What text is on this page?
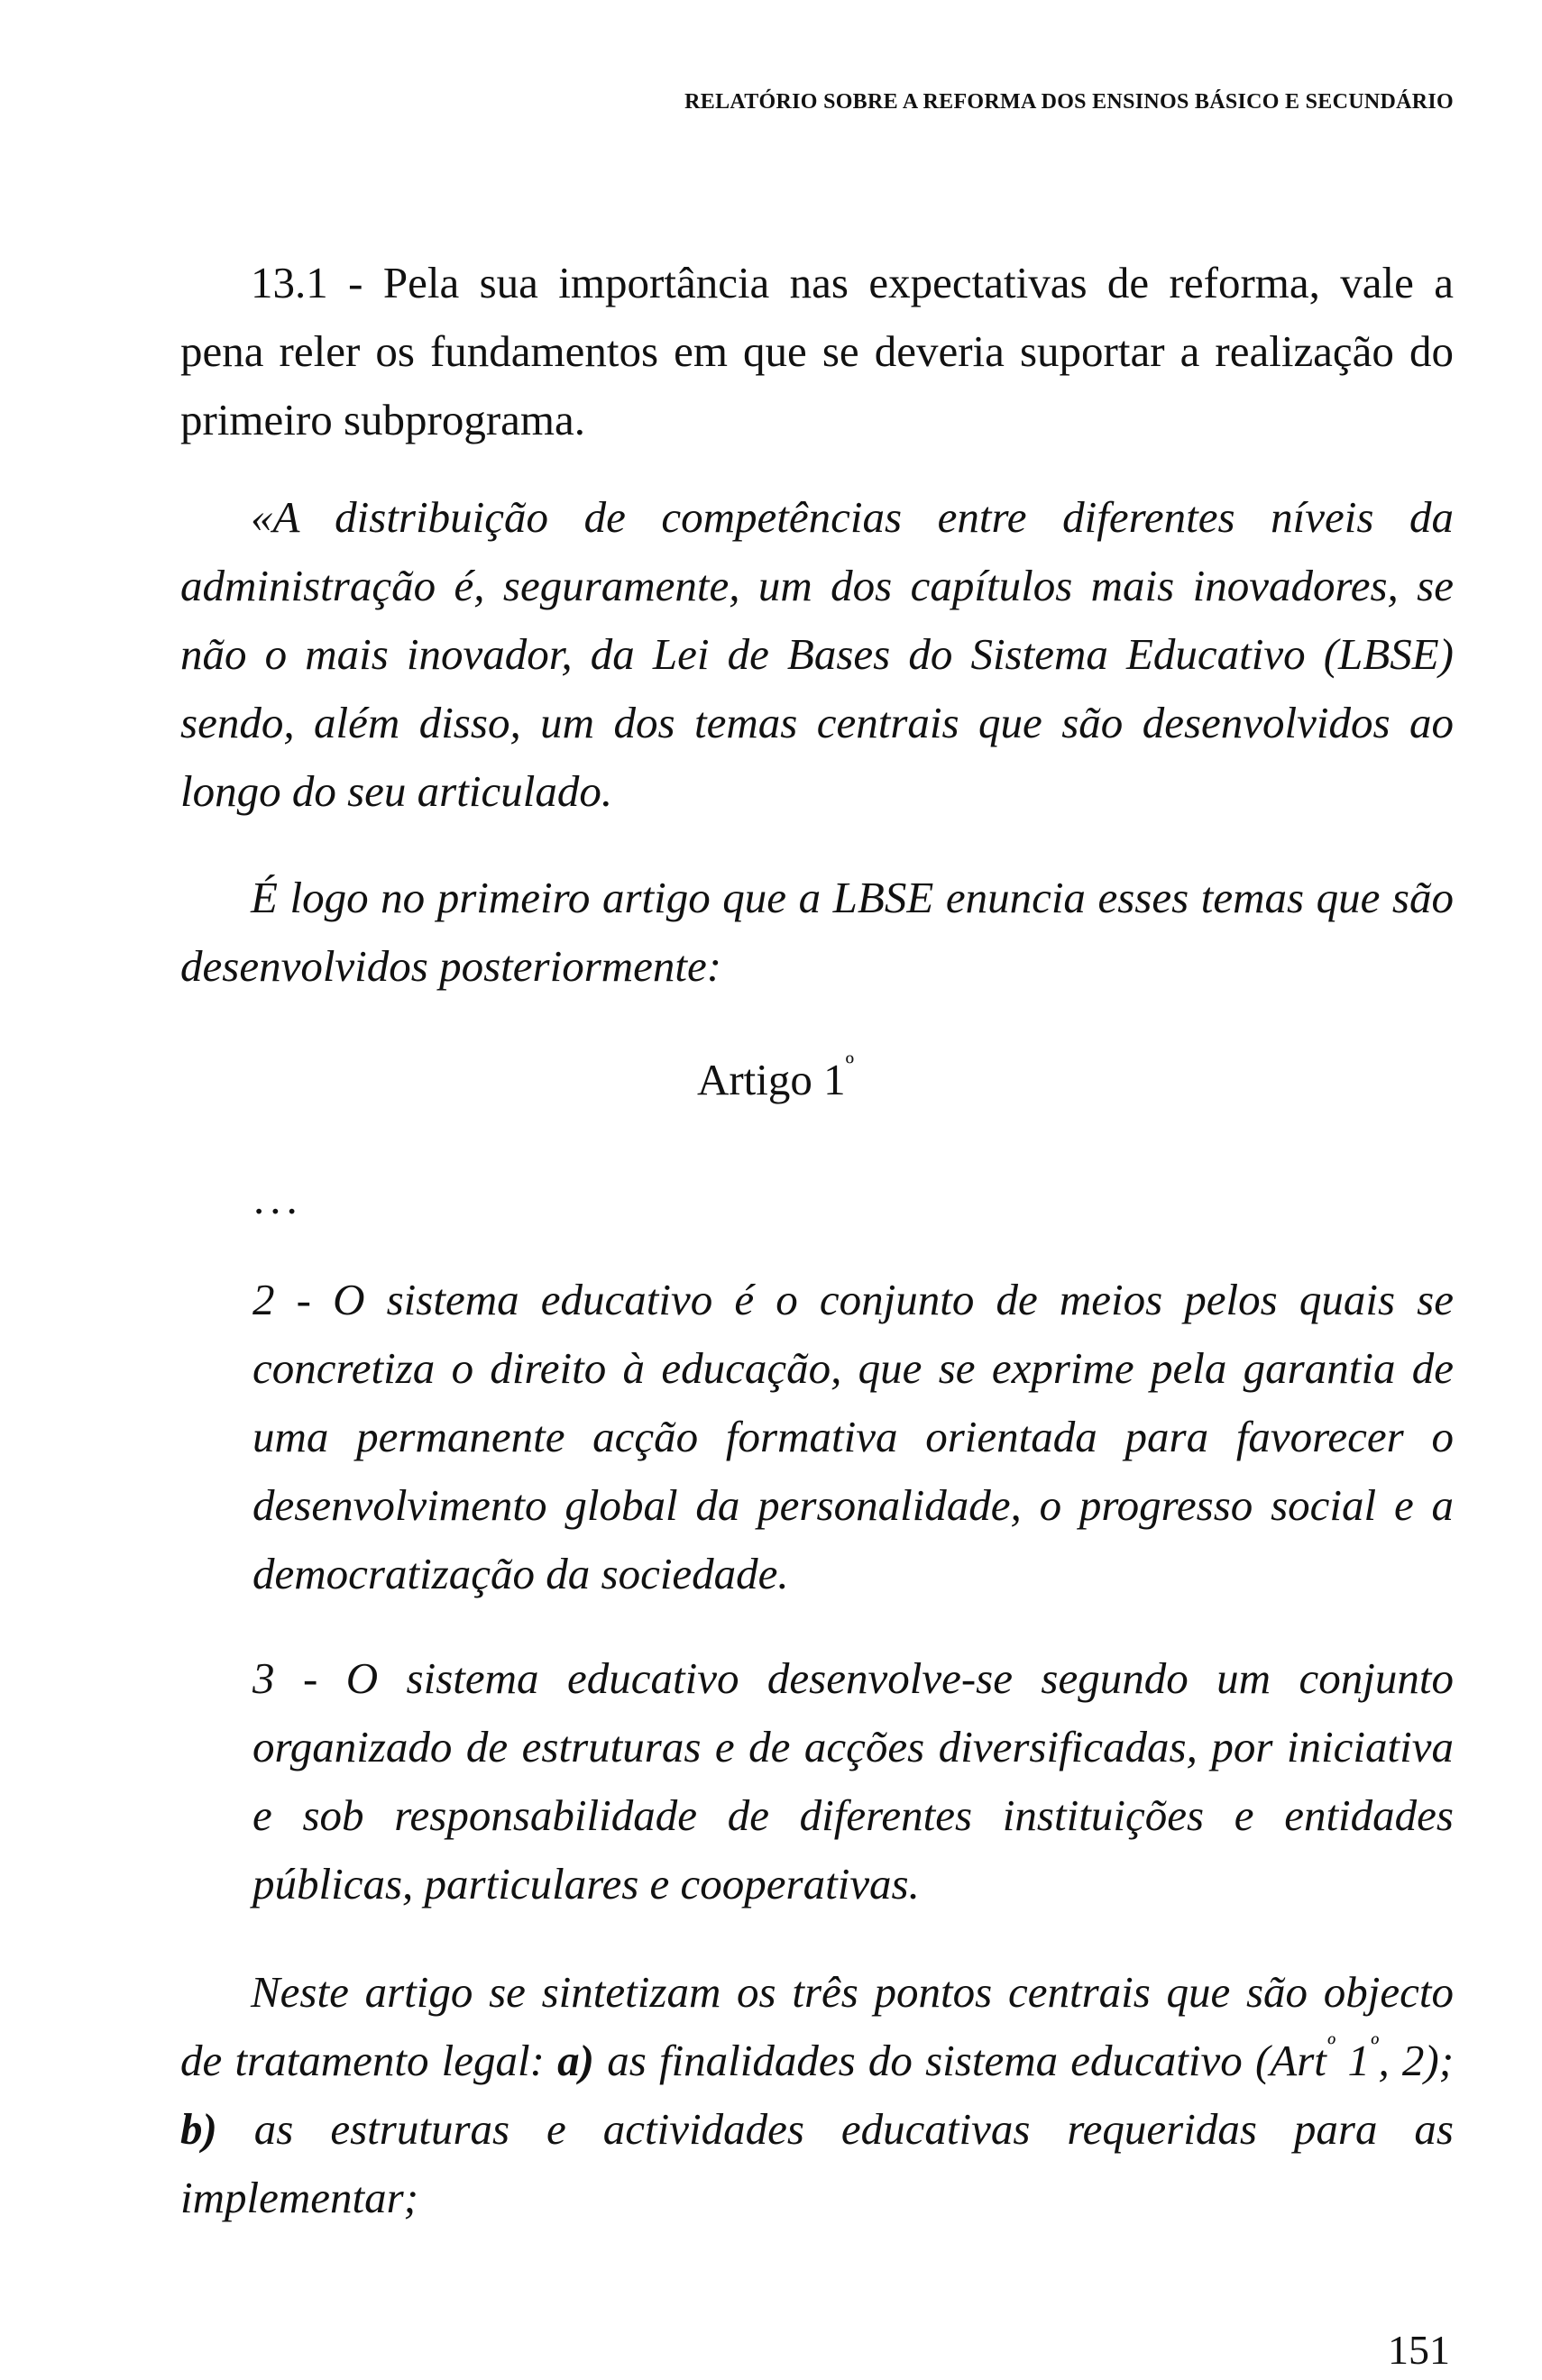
RELATÓRIO SOBRE A REFORMA DOS ENSINOS BÁSICO E SECUNDÁRIO

13.1 - Pela sua importância nas expectativas de reforma, vale a pena reler os fundamentos em que se deveria suportar a realização do primeiro subprograma.

«A distribuição de competências entre diferentes níveis da administração é, seguramente, um dos capítulos mais inovadores, se não o mais inovador, da Lei de Bases do Sistema Educativo (LBSE) sendo, além disso, um dos temas centrais que são desenvolvidos ao longo do seu articulado.

É logo no primeiro artigo que a LBSE enuncia esses temas que são desenvolvidos posteriormente:

Artigo $1^º$
...

2 - O sistema educativo é o conjunto de meios pelos quais se concretiza o direito à educação, que se exprime pela garantia de uma permanente acção formativa orientada para favorecer o desenvolvimento global da personalidade, o progresso social e a democratização da sociedade.

3 - O sistema educativo desenvolve-se segundo um conjunto organizado de estruturas e de acções diversificadas, por iniciativa e sob responsabilidade de diferentes instituições e entidades públicas, particulares e cooperativas.

Neste artigo se sintetizam os três pontos centrais que são objecto de tratamento legal: a) as finalidades do sistema educativo (Art$^º$ $1^º$, 2); b) as estruturas e actividades educativas requeridas para as implementar;

151
